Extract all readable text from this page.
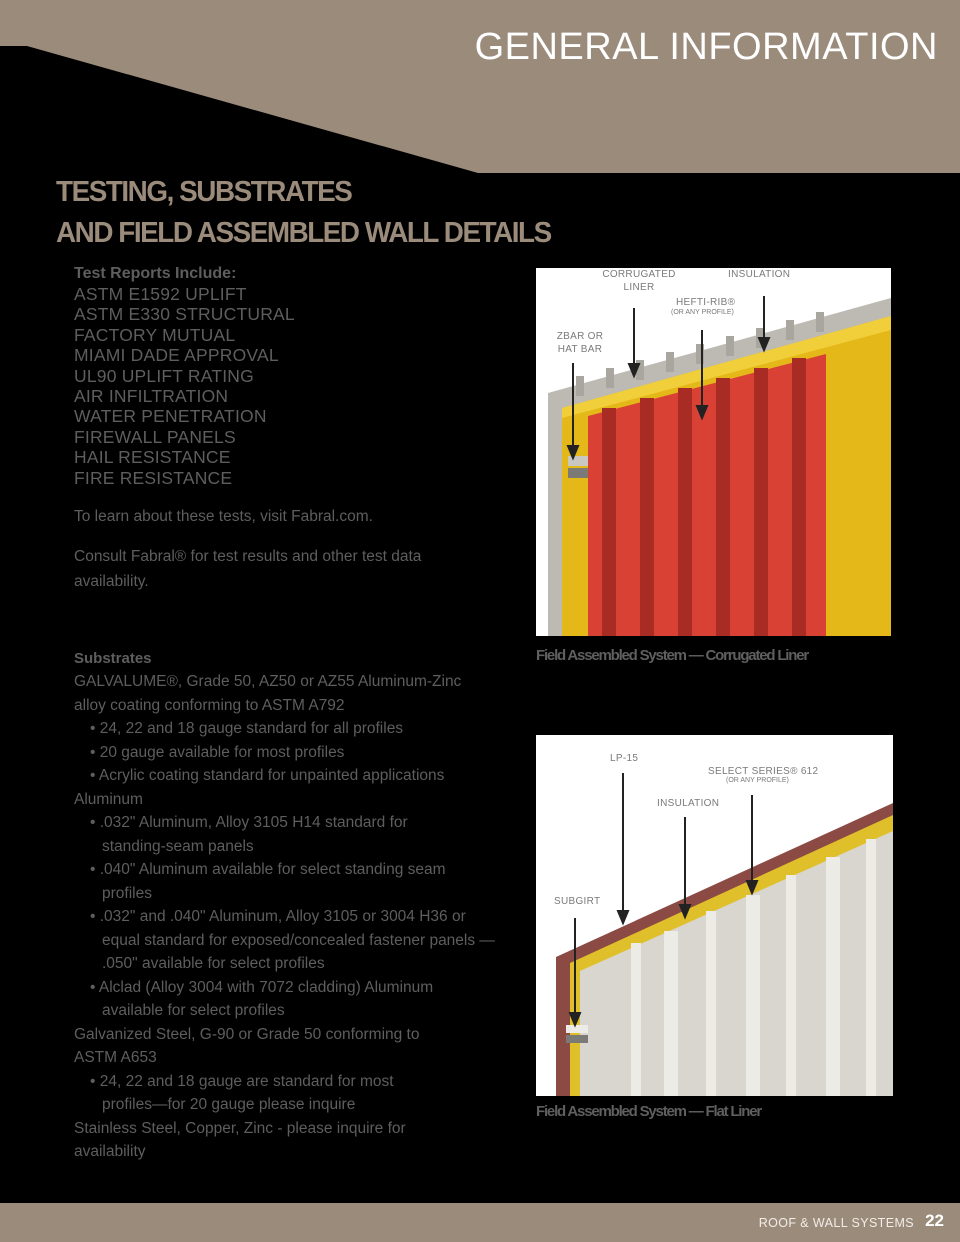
GENERAL INFORMATION
TESTING, SUBSTRATES
AND FIELD ASSEMBLED WALL DETAILS
Test Reports Include:
ASTM E1592 UPLIFT
ASTM E330 STRUCTURAL
FACTORY MUTUAL
MIAMI DADE APPROVAL
UL90 UPLIFT RATING
AIR INFILTRATION
WATER PENETRATION
FIREWALL PANELS
HAIL RESISTANCE
FIRE RESISTANCE

To learn about these tests, visit Fabral.com.

Consult Fabral® for test results and other test data availability.

Substrates
GALVALUME®, Grade 50, AZ50 or AZ55 Aluminum-Zinc alloy coating conforming to ASTM A792
• 24, 22 and 18 gauge standard for all profiles
• 20 gauge available for most profiles
• Acrylic coating standard for unpainted applications
Aluminum
• .032" Aluminum, Alloy 3105 H14 standard for standing-seam panels
• .040" Aluminum available for select standing seam profiles
• .032" and .040" Aluminum, Alloy 3105 or 3004 H36 or equal standard for exposed/concealed fastener panels — .050" available for select profiles
• Alclad (Alloy 3004 with 7072 cladding) Aluminum available for select profiles
Galvanized Steel, G-90 or Grade 50 conforming to ASTM A653
• 24, 22 and 18 gauge are standard for most profiles—for 20 gauge please inquire
Stainless Steel, Copper, Zinc - please inquire for availability
CORRUGATED LINER
INSULATION
HEFTI-RIB®
(OR ANY PROFILE)
ZBAR OR HAT BAR
Field Assembled System — Corrugated Liner
LP-15
SELECT SERIES® 612
(OR ANY PROFILE)
INSULATION
SUBGIRT
Field Assembled System — Flat Liner
ROOF & WALL SYSTEMS 22
